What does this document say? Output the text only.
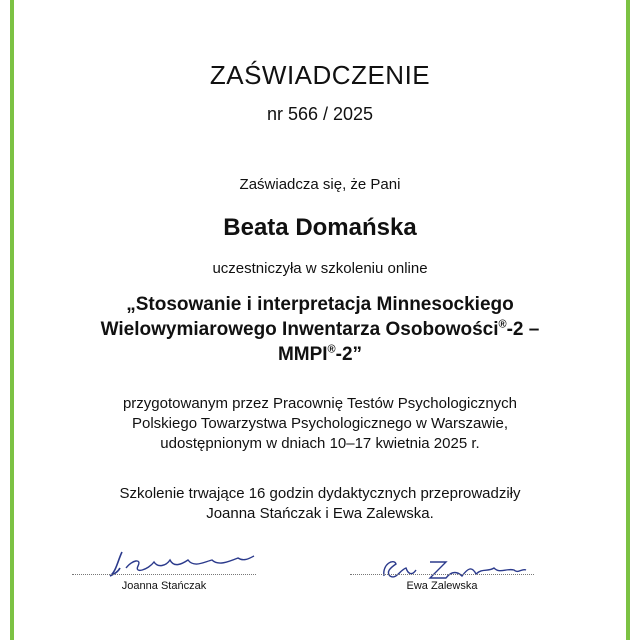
ZAŚWIADCZENIE
nr 566 / 2025
Zaświadcza się, że Pani
Beata Domańska
uczestniczyła w szkoleniu online
„Stosowanie i interpretacja Minnesockiego
Wielowymiarowego Inwentarza Osobowości®-2 –
MMPI®-2”
przygotowanym przez Pracownię Testów Psychologicznych
Polskiego Towarzystwa Psychologicznego w Warszawie,
udostępnionym w dniach 10–17 kwietnia 2025 r.
Szkolenie trwające 16 godzin dydaktycznych przeprowadziły
Joanna Stańczak i Ewa Zalewska.
Joanna Stańczak	Ewa Zalewska
